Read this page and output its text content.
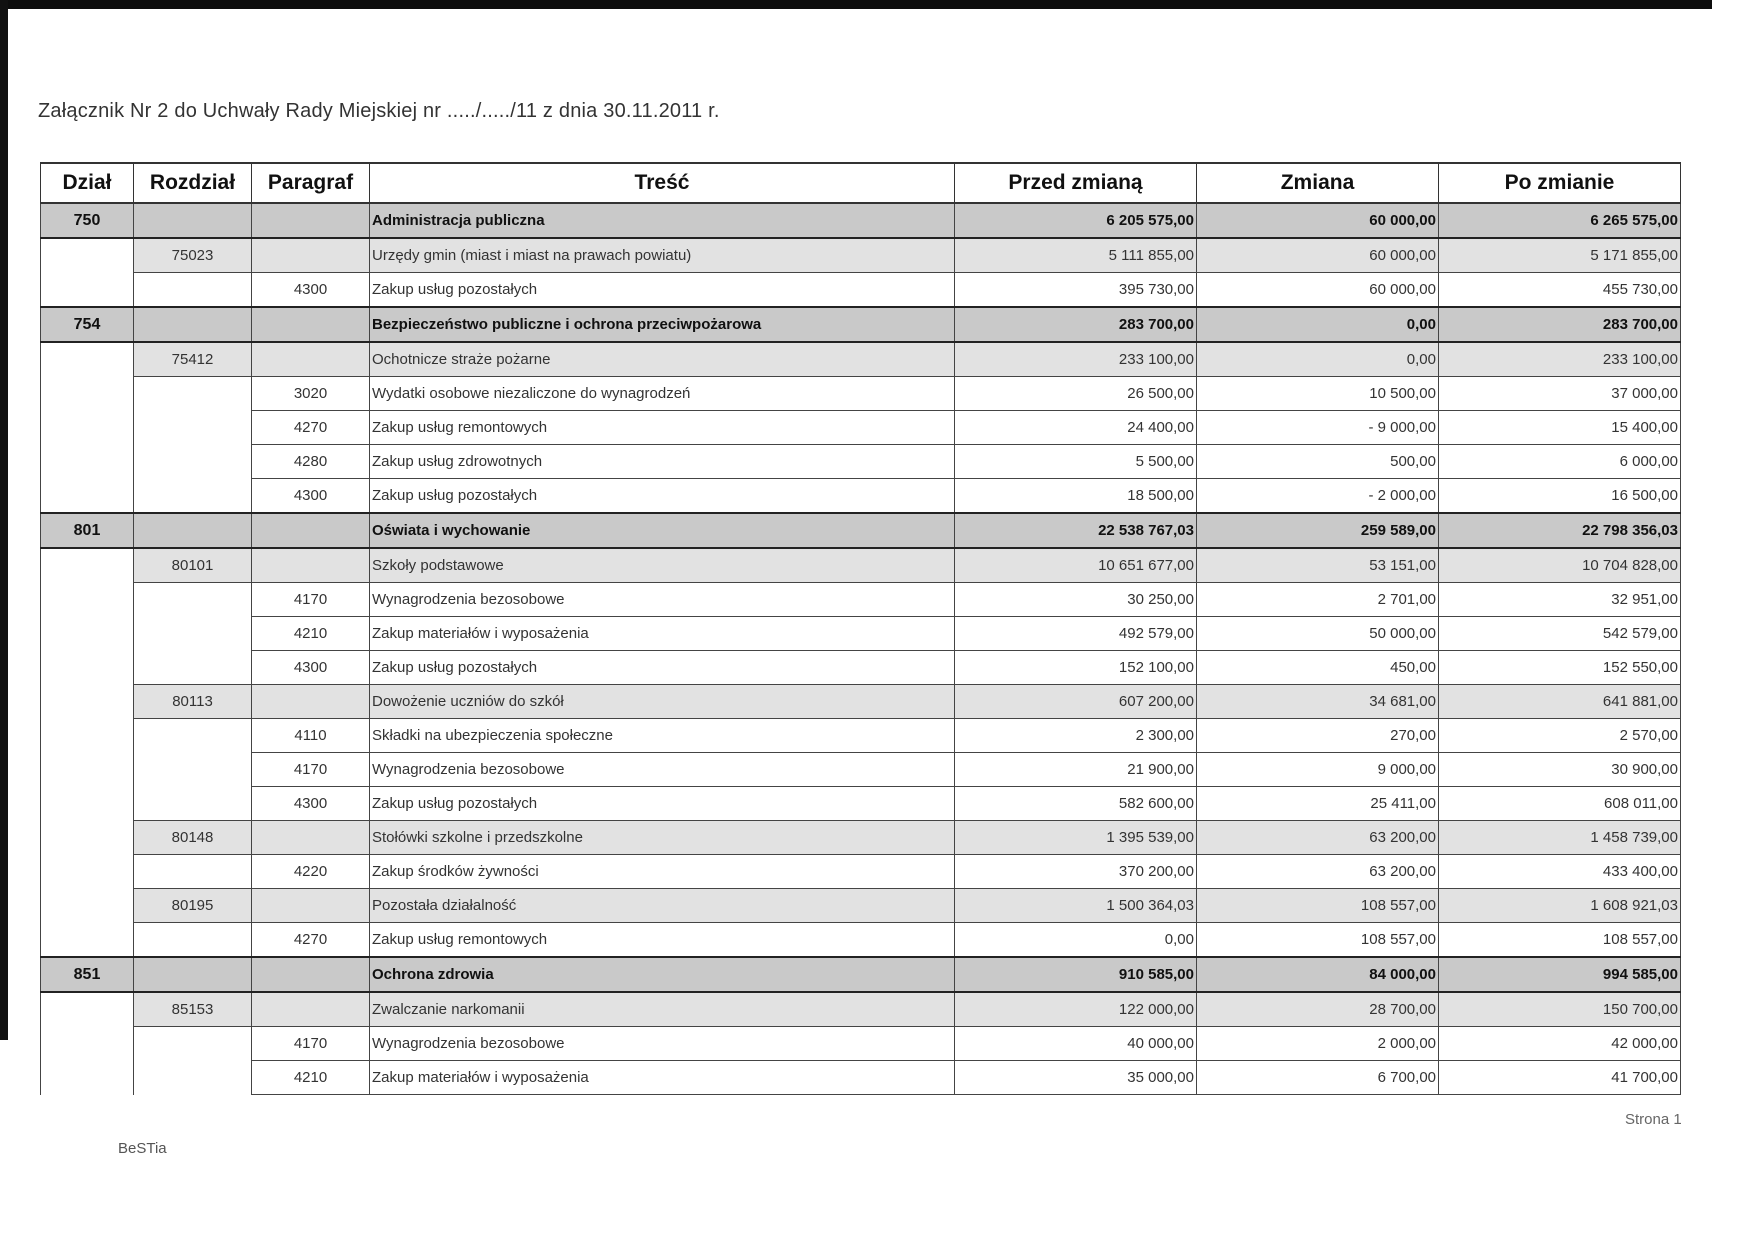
Załącznik Nr 2 do Uchwały Rady Miejskiej nr ...../...../11 z dnia 30.11.2011 r.
Dział	Rozdział	Paragraf	Treść	Przed zmianą	Zmiana	Po zmianie
750			Administracja publiczna	6 205 575,00	60 000,00	6 265 575,00
	75023		Urzędy gmin (miast i miast na prawach powiatu)	5 111 855,00	60 000,00	5 171 855,00
		4300	Zakup usług pozostałych	395 730,00	60 000,00	455 730,00
754			Bezpieczeństwo publiczne i ochrona przeciwpożarowa	283 700,00	0,00	283 700,00
	75412		Ochotnicze straże pożarne	233 100,00	0,00	233 100,00
		3020	Wydatki osobowe niezaliczone do wynagrodzeń	26 500,00	10 500,00	37 000,00
		4270	Zakup usług remontowych	24 400,00	- 9 000,00	15 400,00
		4280	Zakup usług zdrowotnych	5 500,00	500,00	6 000,00
		4300	Zakup usług pozostałych	18 500,00	- 2 000,00	16 500,00
801			Oświata i wychowanie	22 538 767,03	259 589,00	22 798 356,03
	80101		Szkoły podstawowe	10 651 677,00	53 151,00	10 704 828,00
		4170	Wynagrodzenia bezosobowe	30 250,00	2 701,00	32 951,00
		4210	Zakup materiałów i wyposażenia	492 579,00	50 000,00	542 579,00
		4300	Zakup usług pozostałych	152 100,00	450,00	152 550,00
	80113		Dowożenie uczniów do szkół	607 200,00	34 681,00	641 881,00
		4110	Składki na ubezpieczenia społeczne	2 300,00	270,00	2 570,00
		4170	Wynagrodzenia bezosobowe	21 900,00	9 000,00	30 900,00
		4300	Zakup usług pozostałych	582 600,00	25 411,00	608 011,00
	80148		Stołówki szkolne i przedszkolne	1 395 539,00	63 200,00	1 458 739,00
		4220	Zakup środków żywności	370 200,00	63 200,00	433 400,00
	80195		Pozostała działalność	1 500 364,03	108 557,00	1 608 921,03
		4270	Zakup usług remontowych	0,00	108 557,00	108 557,00
851			Ochrona zdrowia	910 585,00	84 000,00	994 585,00
	85153		Zwalczanie narkomanii	122 000,00	28 700,00	150 700,00
		4170	Wynagrodzenia bezosobowe	40 000,00	2 000,00	42 000,00
		4210	Zakup materiałów i wyposażenia	35 000,00	6 700,00	41 700,00
BeSTia
Strona 1
